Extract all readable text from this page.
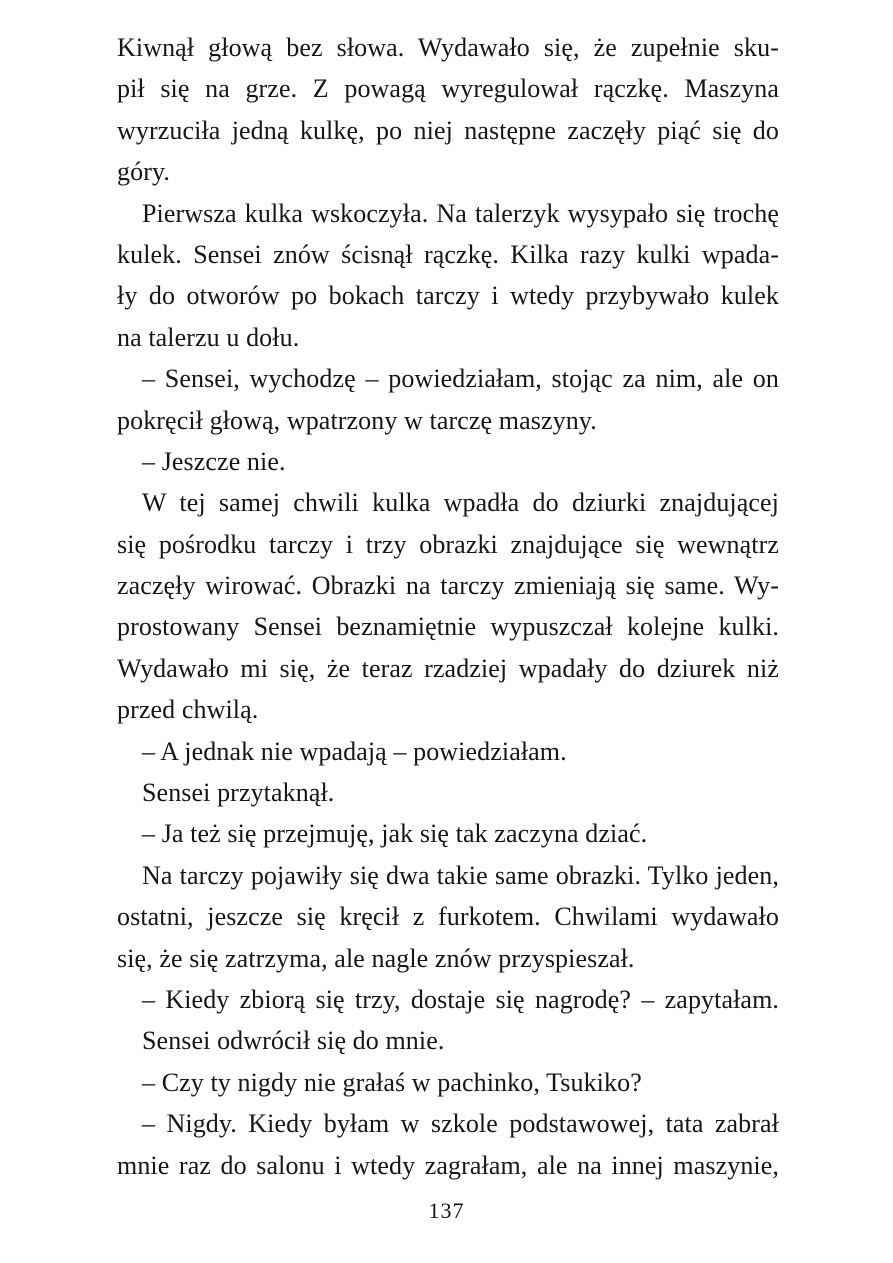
Kiwnął głową bez słowa. Wydawało się, że zupełnie sku-
pił się na grze. Z powagą wyregulował rączkę. Maszyna
wyrzuciła jedną kulkę, po niej następne zaczęły piąć się do
góry.
Pierwsza kulka wskoczyła. Na talerzyk wysypało się trochę
kulek. Sensei znów ścisnął rączkę. Kilka razy kulki wpada-
ły do otworów po bokach tarczy i wtedy przybywało kulek
na talerzu u dołu.
– Sensei, wychodzę – powiedziałam, stojąc za nim, ale on
pokręcił głową, wpatrzony w tarczę maszyny.
– Jeszcze nie.
W tej samej chwili kulka wpadła do dziurki znajdującej
się pośrodku tarczy i trzy obrazki znajdujące się wewnątrz
zaczęły wirować. Obrazki na tarczy zmieniają się same. Wy-
prostowany Sensei beznamiętnie wypuszczał kolejne kulki.
Wydawało mi się, że teraz rzadziej wpadały do dziurek niż
przed chwilą.
– A jednak nie wpadają – powiedziałam.
Sensei przytaknął.
– Ja też się przejmuję, jak się tak zaczyna dziać.
Na tarczy pojawiły się dwa takie same obrazki. Tylko jeden,
ostatni, jeszcze się kręcił z furkotem. Chwilami wydawało
się, że się zatrzyma, ale nagle znów przyspieszał.
– Kiedy zbiorą się trzy, dostaje się nagrodę? – zapytałam.
Sensei odwrócił się do mnie.
– Czy ty nigdy nie grałaś w pachinko, Tsukiko?
– Nigdy. Kiedy byłam w szkole podstawowej, tata zabrał
mnie raz do salonu i wtedy zagrałam, ale na innej maszynie,
137
